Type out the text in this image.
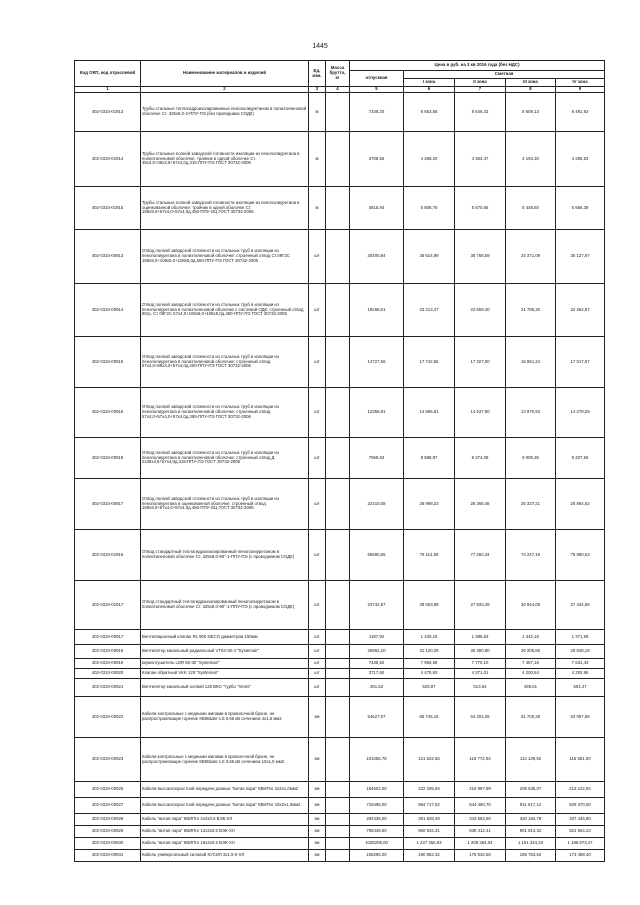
1445
Код ОКП, код отраслевой	Наименование материалов и изделий	Ед. изм.	Масса брутто, кг	Цена в руб. на 3 кв 2016 года (без НДС)				
				отпускная	Сметная			
					I зона	II зона	III зона	IV зона
1	2	3	4	5	6	7	8	9
402-0310-01913	Трубы стальные теплогидроизолированные пенополиуретаном в полиэтиленовой оболочке Ст. 325х8,0-2-ППУ-ПЭ (без проводника СОДК)	м		7349,20	8 653,65	8 646,33	8 609,13	8 491,93
402-0310-01914	Трубы стальные полной заводской готовности изоляции из пенополиуретана в полиэтиленовой оболочке: тройник в одной оболочке Ст. 38х3,5+38х3,5+57х4,0д.315-ППУ-ПЭ ГОСТ 30732-2006	м		3708,56	4 468,20	4 363,47	4 193,30	4 285,53
402-0310-01915	Трубы стальные полной заводской готовности изоляции из пенополиуретана в оцинкованной оболочке: тройник в одной оболочке Ст. 159х8,0+57х4,0+57х4,0д.450-ППУ-ОЦ ГОСТ 30732-2006	м		4815,94	5 806,76	5 670,66	5 448,50	5 566,39
402-0310-00913	Отвод полной заводской готовности из стальных труб в изоляции из пенополиуретана в полиэтиленовой оболочке: строенный отвод Ст.09Г2С 159х8,0+108х5,0+108х5,0д.560-ППУ-ПЭ ГОСТ 30732-2006	шт		30400,84	36 624,99	35 768,59	34 371,09	35 127,67
402-0310-00914	Отвод полной заводской готовности из стальных труб в изоляции из пенополиуретана в полиэтиленовой оболочке с системой ОДК: строенный отвод 90гр. Ст 09Г2С 57х4,0+108х5,0+108х5,0д.450-ППУ-ПЭ ГОСТ 30732-2006	шт		19268,51	23 213,47	22 669,40	21 785,30	22 264,57
402-0310-00915	Отвод полной заводской готовности из стальных труб в изоляции из пенополиуретана в полиэтиленовой оболочке: строенный отвод 57х4,0+89х4,0+57х4,0д.400-ППУ-ПЭ ГОСТ 30732-2006	шт		14727,56	17 742,65	17 327,00	16 651,24	17 017,57
402-0310-00916	Отвод полной заводской готовности из стальных труб в изоляции из пенополиуретана в полиэтиленовой оболочке: строенный отвод 57х4,0+57х4,0+57х4,0д.355-ППУ-ПЭ ГОСТ 30732-2006	шт		12356,91	14 886,81	14 537,90	13 970,93	14 278,29
402-0310-00918	Отвод полной заводской готовности из стальных труб в изоляции из пенополиуретана в полиэтиленовой оболочке: строенный отвод Д 2х38х3,5+57х4,0д.315-ППУ-ПЭ ГОСТ 30732-2006	шт		7968,53	9 598,87	9 374,08	9 009,35	9 207,56
402-0310-00917	Отвод полной заводской готовности из стальных труб в изоляции из пенополиуретана в оцинкованной оболочке: строенный отвод 159х8,0+57х4,0+57х4,0д.450-ППУ-ОЦ ГОСТ 30732-2006	шт		22410,08	26 998,23	26 365,46	25 337,21	25 894,62
402-0310-01916	Отвод стандартный теплогидроизолированный пенополиуретаном в полиэтиленовой оболочке Ст. 325х8,0-90°-1-ППУ-ПЭ (с проводником СОДК)	шт		65680,65	79 114,59	77 260,34	74 247,19	75 880,63
402-0310-01917	Отвод стандартный теплогидроизолированный пенополиуретаном в полиэтиленовой оболочке Ст. 325х8,0-90°-1-ППУ-ПЭ (с проводником СОДК)	шт		23742,87	28 603,89	27 933,49	26 844,08	27 434,65
402-0310-00917	Вентиляционный клапан RL 900 NECO диаметром 150мм	шт		1187,92	1 430,15	1 396,63	1 342,16	1 371,69
402-0310-00918	Вентилятор канальный радиальный VT63-30-4 "Systemair"	шт		25862,20	31 120,28	30 390,90	29 205,66	29 848,18
402-0310-00919	Шумоглушитель LDR 60-30 "Systemair"	шт		7435,50	7 956,58	7 770,10	7 467,16	7 631,43
402-0310-00920	Клапан обратный VKK 125 "Systemair"	шт		3717,60	4 475,92	4 371,01	4 200,54	4 292,96
402-0310-00921	Вентилятор канальный осевой 125 ВКО "турбо "Vents"	шт		491,53	525,97	513,64	495,61	504,47
402-0310-00922	Кабели контрольные с медными жилами в проволочной броне, не распространяющие горение КВКБШнг-LS 0,66 кВ сечением 4х1,5 мм2	км		54627,97	65 745,15	64 204,26	61 700,28	63 057,69
402-0310-00923	Кабели контрольные с медными жилами в проволочной броне, не распространяющие горение КВКБШнг-LS 0,66 кВ сечением 10х1,5 мм2	км		101056,78	121 622,56	118 772,03	114 139,92	116 651,00
402-0310-00926	Кабели высокоскоростной передачи данных "витая пара" КВИПнг 2х2х1,0мм2	км		184602,00	222 205,94	216 997,99	208 535,07	213 122,84
402-0310-00927	Кабели высокоскоростной передачи данных "витая пара" КВИПнг 16х2х1,0мм2	км		718498,00	864 717,52	844 450,70	811 517,12	829 370,50
402-0310-00928	Кабель "витая пара" КВИПнг 4х2х0,5 ВЭК-ХЛ	км		292336,00	351 828,48	343 582,50	330 182,78	337 446,80
402-0310-00929	Кабель "витая пара" КВИПнг 12х2х0,5 ВЭК-ХЛ	км		798445,60	960 934,31	938 412,41	901 814,32	921 654,24
402-0310-00930	Кабель "витая пара" КВИПнг 16х2х0,5 ВЭК-ХЛ	км		1028209,00	1 237 456,93	1 208 454,04	1 161 324,33	1 186 873,47
402-0310-00931	Кабель универсальный силовой КУСИЛ 3х1,5 К-ХЛ	км		158296,00	190 862,32	176 642,65	169 753,62	173 488,40
